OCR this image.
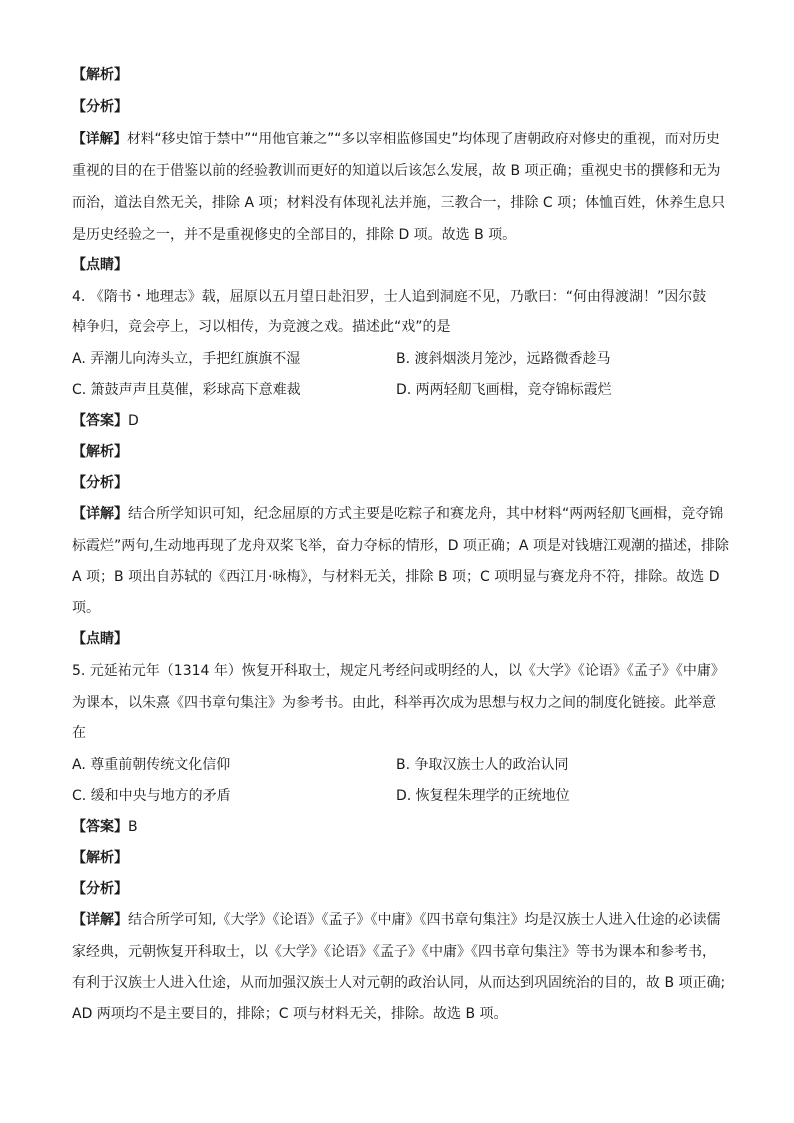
【解析】
【分析】
【详解】材料“移史馆于禁中”“用他官兼之”“多以宰相监修国史”均体现了唐朝政府对修史的重视，而对历史
重视的目的在于借鉴以前的经验教训而更好的知道以后该怎么发展，故 B 项正确；重视史书的撰修和无为
而治，道法自然无关，排除 A 项；材料没有体现礼法并施，三教合一，排除 C 项；体恤百姓，休养生息只
是历史经验之一，并不是重视修史的全部目的，排除 D 项。故选 B 项。
【点睛】
4. 《隋书・地理志》载，屈原以五月望日赴汨罗，士人追到洞庭不见，乃歌曰：“何由得渡湖！”因尔鼓
棹争归，竞会亭上，习以相传，为竞渡之戏。描述此“戏”的是
A. 弄潮儿向涛头立，手把红旗旗不湿	B. 渡斜烟淡月笼沙，远路微香趁马
C. 箫鼓声声且莫催，彩球高下意难裁	D. 两两轻舠飞画楫，竞夺锦标霞烂
【答案】D
【解析】
【分析】
【详解】结合所学知识可知，纪念屈原的方式主要是吃粽子和赛龙舟，其中材料“两两轻舠飞画楫，竞夺锦
标霞烂”两句,生动地再现了龙舟双桨飞举，奋力夺标的情形，D 项正确；A 项是对钱塘江观潮的描述，排除
A 项；B 项出自苏轼的《西江月·咏梅》，与材料无关，排除 B 项；C 项明显与赛龙舟不符，排除。故选 D
项。
【点睛】
5. 元延祐元年（1314 年）恢复开科取士，规定凡考经问或明经的人，以《大学》《论语》《孟子》《中庸》
为课本，以朱熹《四书章句集注》为参考书。由此，科举再次成为思想与权力之间的制度化链接。此举意
在
A. 尊重前朝传统文化信仰	B. 争取汉族士人的政治认同
C. 缓和中央与地方的矛盾	D. 恢复程朱理学的正统地位
【答案】B
【解析】
【分析】
【详解】结合所学可知,《大学》《论语》《孟子》《中庸》《四书章句集注》均是汉族士人进入仕途的必读儒
家经典，元朝恢复开科取士，以《大学》《论语》《孟子》《中庸》《四书章句集注》等书为课本和参考书，
有利于汉族士人进入仕途，从而加强汉族士人对元朝的政治认同，从而达到巩固统治的目的，故 B 项正确;
AD 两项均不是主要目的，排除；C 项与材料无关，排除。故选 B 项。
